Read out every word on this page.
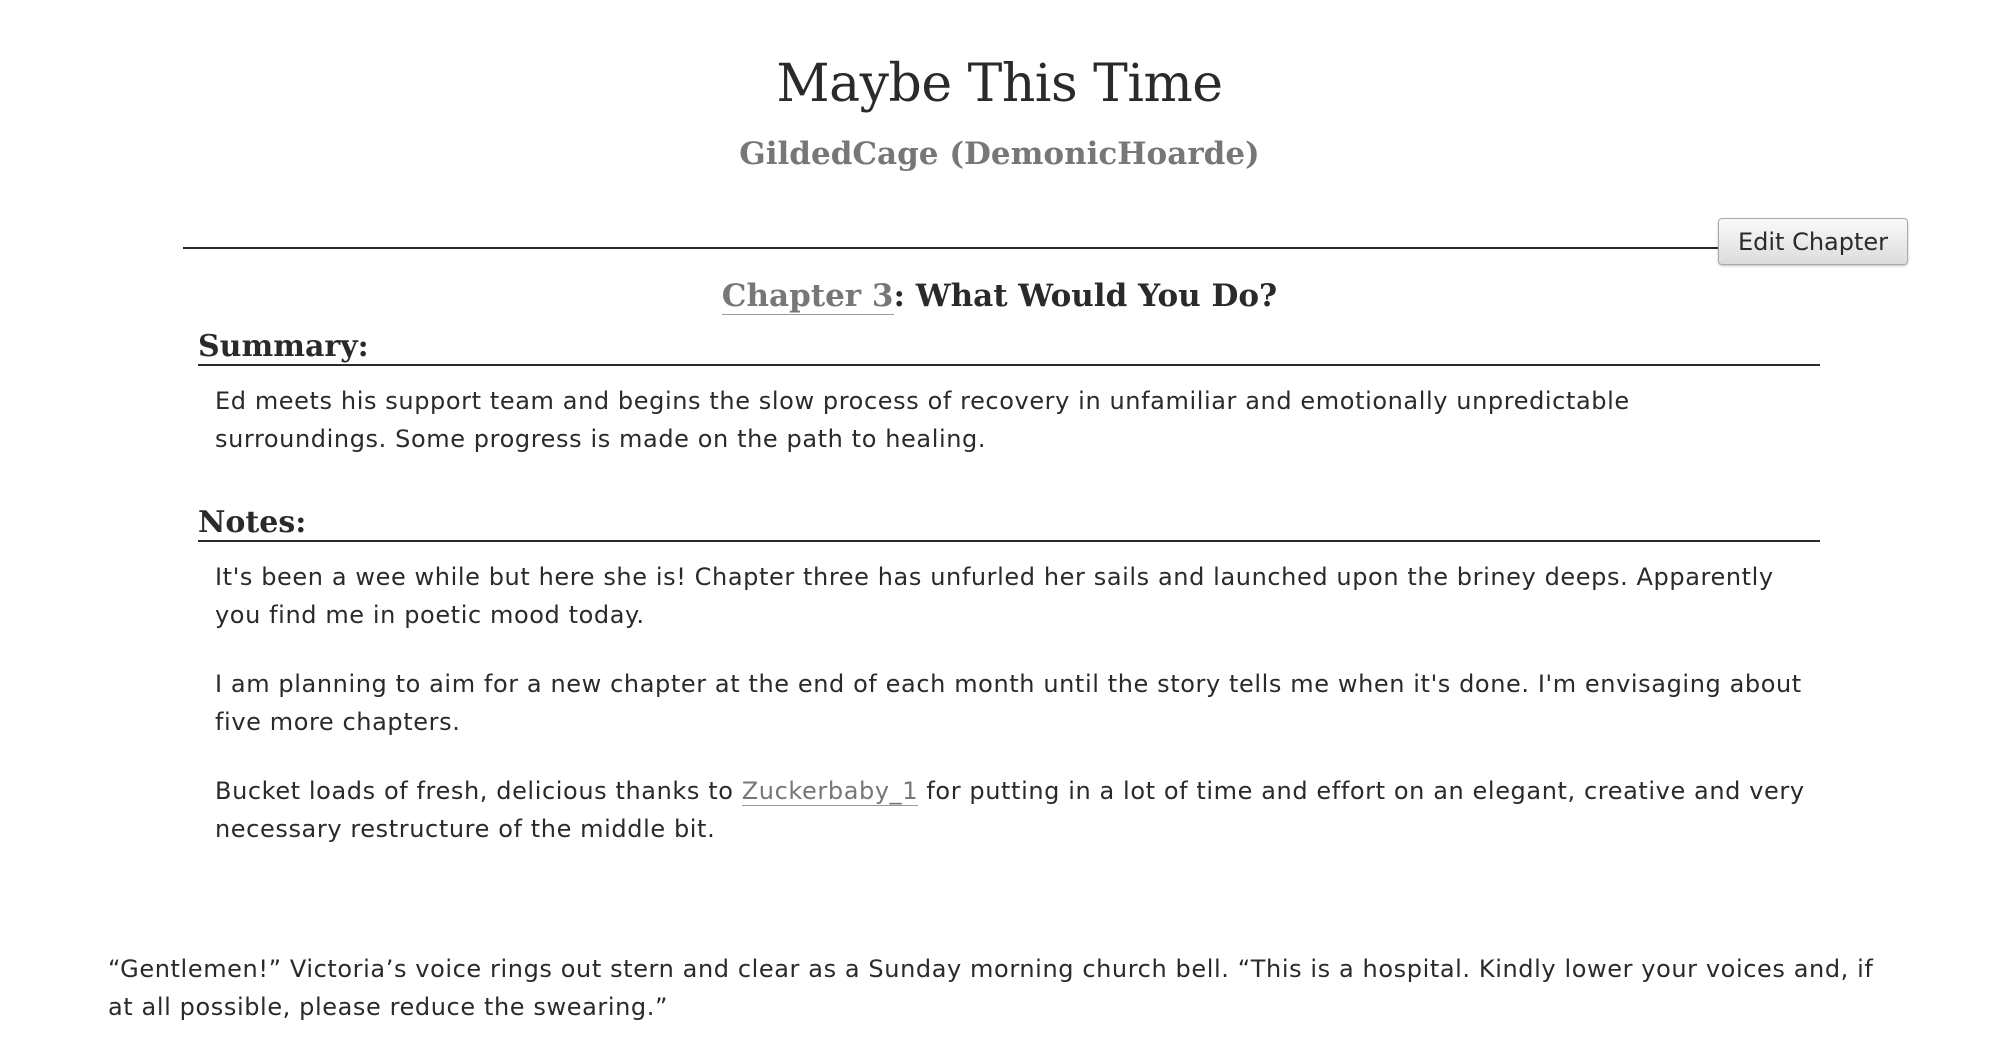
Maybe This Time
GildedCage (DemonicHoarde)
Edit Chapter
Chapter 3: What Would You Do?
Summary:

Ed meets his support team and begins the slow process of recovery in unfamiliar and emotionally unpredictable surroundings. Some progress is made on the path to healing.

Notes:

It's been a wee while but here she is! Chapter three has unfurled her sails and launched upon the briney deeps. Apparently you find me in poetic mood today.

I am planning to aim for a new chapter at the end of each month until the story tells me when it's done. I'm envisaging about five more chapters.

Bucket loads of fresh, delicious thanks to Zuckerbaby_1 for putting in a lot of time and effort on an elegant, creative and very necessary restructure of the middle bit.

“Gentlemen!” Victoria’s voice rings out stern and clear as a Sunday morning church bell. “This is a hospital. Kindly lower your voices and, if at all possible, please reduce the swearing.”
